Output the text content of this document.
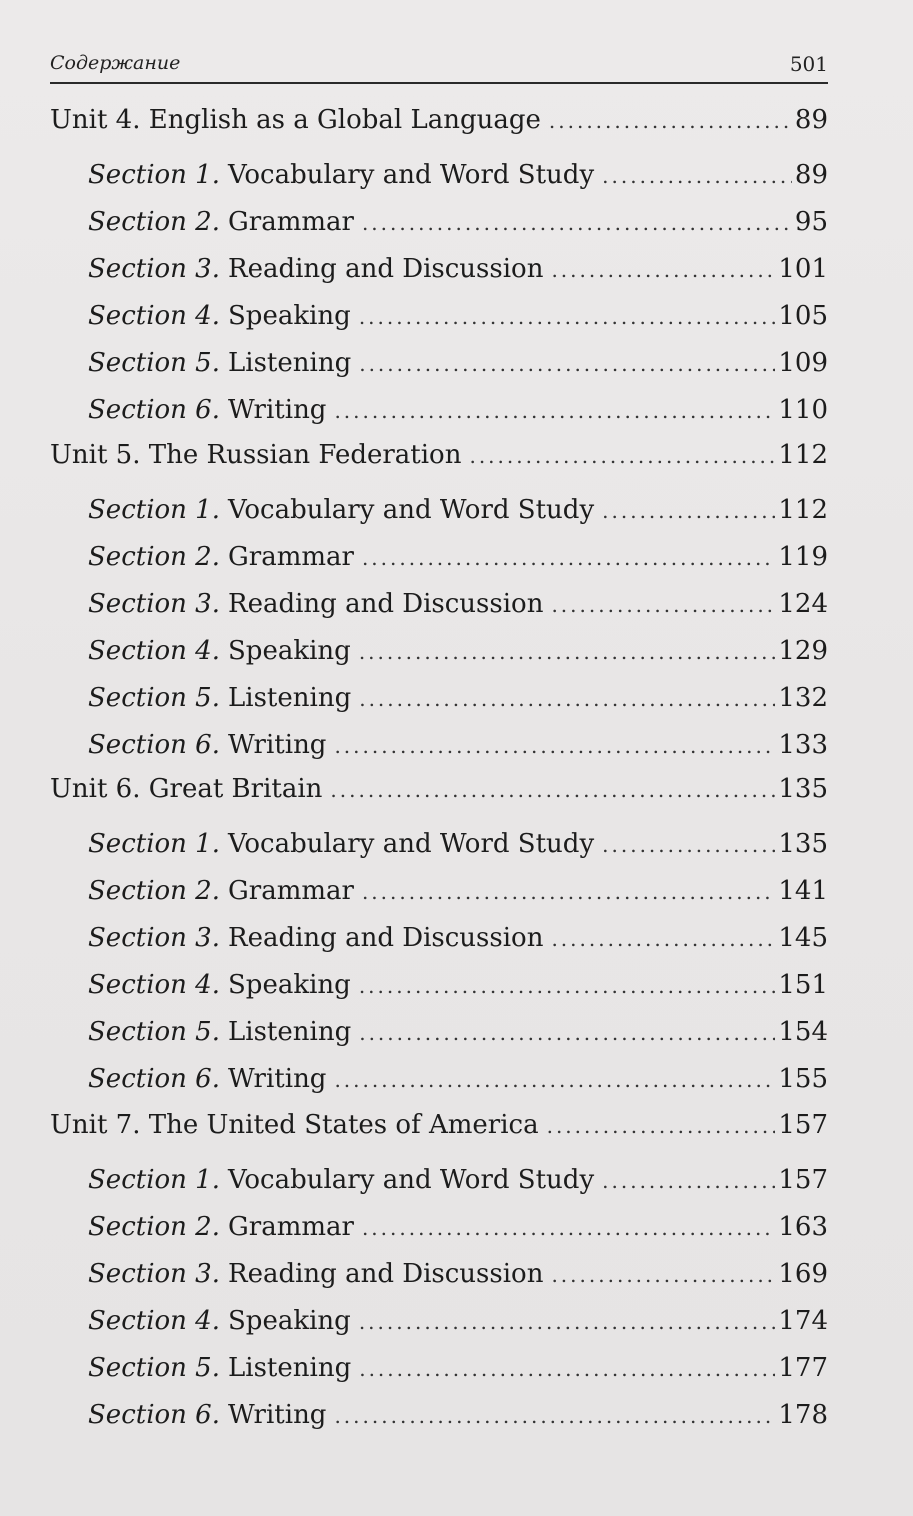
Содержание	501
Unit 4. English as a Global Language .....	89
Section 1. Vocabulary and Word Study .....	89
Section 2. Grammar .....	95
Section 3. Reading and Discussion .....	101
Section 4. Speaking .....	105
Section 5. Listening .....	109
Section 6. Writing .....	110
Unit 5. The Russian Federation .....	112
Section 1. Vocabulary and Word Study .....	112
Section 2. Grammar .....	119
Section 3. Reading and Discussion .....	124
Section 4. Speaking .....	129
Section 5. Listening .....	132
Section 6. Writing .....	133
Unit 6. Great Britain .....	135
Section 1. Vocabulary and Word Study .....	135
Section 2. Grammar .....	141
Section 3. Reading and Discussion .....	145
Section 4. Speaking .....	151
Section 5. Listening .....	154
Section 6. Writing .....	155
Unit 7. The United States of America .....	157
Section 1. Vocabulary and Word Study .....	157
Section 2. Grammar .....	163
Section 3. Reading and Discussion .....	169
Section 4. Speaking .....	174
Section 5. Listening .....	177
Section 6. Writing .....	178
